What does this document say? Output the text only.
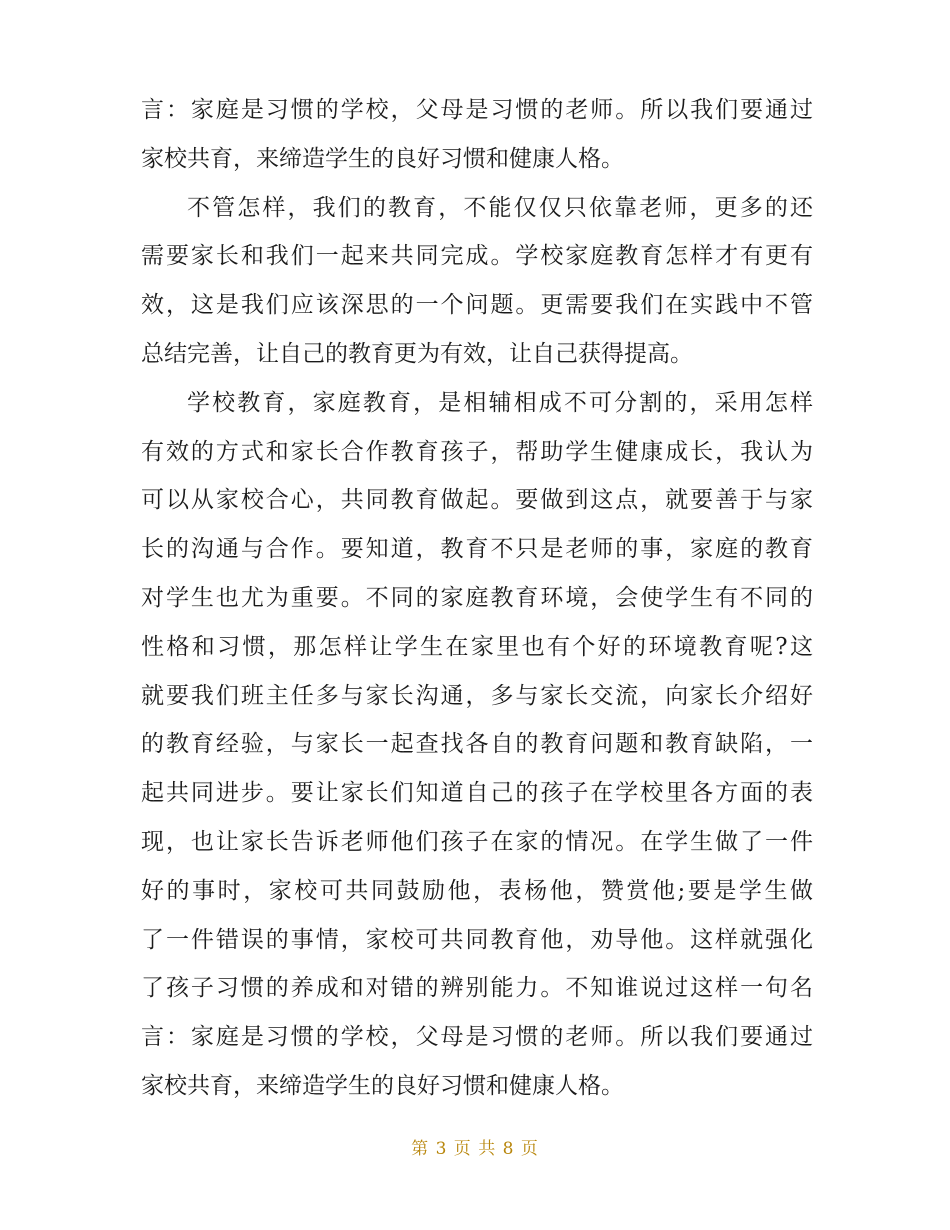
言：家庭是习惯的学校，父母是习惯的老师。所以我们要通过
家校共育，来缔造学生的良好习惯和健康人格。
不管怎样，我们的教育，不能仅仅只依靠老师，更多的还
需要家长和我们一起来共同完成。学校家庭教育怎样才有更有
效，这是我们应该深思的一个问题。更需要我们在实践中不管
总结完善，让自己的教育更为有效，让自己获得提高。
学校教育，家庭教育，是相辅相成不可分割的，采用怎样
有效的方式和家长合作教育孩子，帮助学生健康成长，我认为
可以从家校合心，共同教育做起。要做到这点，就要善于与家
长的沟通与合作。要知道，教育不只是老师的事，家庭的教育
对学生也尤为重要。不同的家庭教育环境，会使学生有不同的
性格和习惯，那怎样让学生在家里也有个好的环境教育呢?这
就要我们班主任多与家长沟通，多与家长交流，向家长介绍好
的教育经验，与家长一起查找各自的教育问题和教育缺陷，一
起共同进步。要让家长们知道自己的孩子在学校里各方面的表
现，也让家长告诉老师他们孩子在家的情况。在学生做了一件
好的事时，家校可共同鼓励他，表杨他，赞赏他;要是学生做
了一件错误的事情，家校可共同教育他，劝导他。这样就强化
了孩子习惯的养成和对错的辨别能力。不知谁说过这样一句名
言：家庭是习惯的学校，父母是习惯的老师。所以我们要通过
家校共育，来缔造学生的良好习惯和健康人格。
第 3 页 共 8 页
